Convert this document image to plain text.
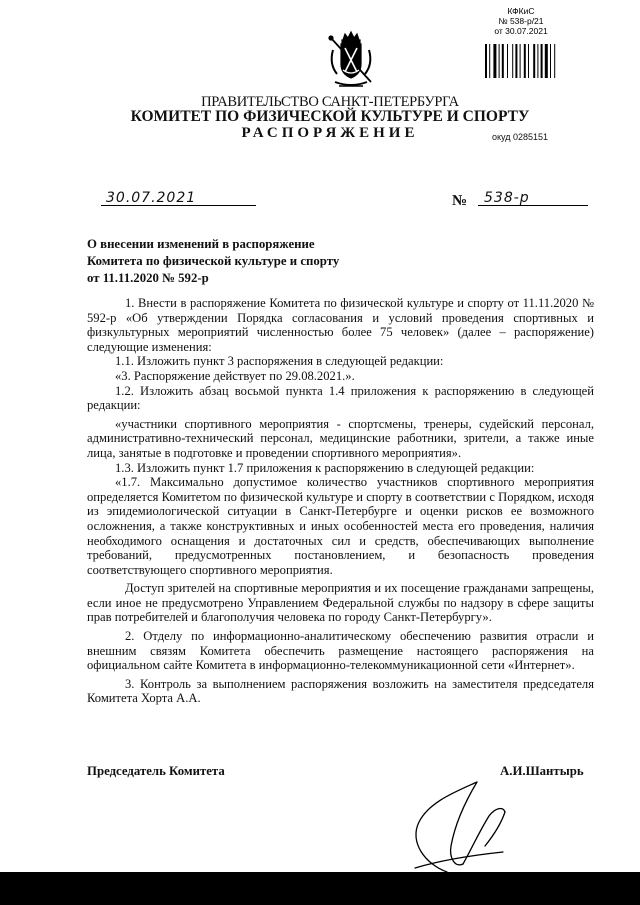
КФКиС
№ 538-р/21
от 30.07.2021
ПРАВИТЕЛЬСТВО САНКТ-ПЕТЕРБУРГА
КОМИТЕТ ПО ФИЗИЧЕСКОЙ КУЛЬТУРЕ И СПОРТУ
РАСПОРЯЖЕНИЕ	окуд 0285151
30.07.2021	№ 538-р
О внесении изменений в распоряжение
Комитета по физической культуре и спорту
от 11.11.2020 № 592-р

1. Внести в распоряжение Комитета по физической культуре и спорту от 11.11.2020 № 592-р «Об утверждении Порядка согласования и условий проведения спортивных и физкультурных мероприятий численностью более 75 человек» (далее – распоряжение) следующие изменения:

1.1. Изложить пункт 3 распоряжения в следующей редакции:

«3. Распоряжение действует по 29.08.2021.».

1.2. Изложить абзац восьмой пункта 1.4 приложения к распоряжению в следующей редакции:

«участники спортивного мероприятия - спортсмены, тренеры, судейский персонал, административно-технический персонал, медицинские работники, зрители, а также иные лица, занятые в подготовке и проведении спортивного мероприятия».

1.3. Изложить пункт 1.7 приложения к распоряжению в следующей редакции:

«1.7. Максимально допустимое количество участников спортивного мероприятия определяется Комитетом по физической культуре и спорту в соответствии с Порядком, исходя из эпидемиологической ситуации в Санкт-Петербурге и оценки рисков ее возможного осложнения, а также конструктивных и иных особенностей места его проведения, наличия необходимого оснащения и достаточных сил и средств, обеспечивающих выполнение требований, предусмотренных постановлением, и безопасность проведения соответствующего спортивного мероприятия.

Доступ зрителей на спортивные мероприятия и их посещение гражданами запрещены, если иное не предусмотрено Управлением Федеральной службы по надзору в сфере защиты прав потребителей и благополучия человека по городу Санкт-Петербургу».

2. Отделу по информационно-аналитическому обеспечению развития отрасли и внешним связям Комитета обеспечить размещение настоящего распоряжения на официальном сайте Комитета в информационно-телекоммуникационной сети «Интернет».

3. Контроль за выполнением распоряжения возложить на заместителя председателя Комитета Хорта А.А.

Председатель Комитета	А.И.Шантырь
